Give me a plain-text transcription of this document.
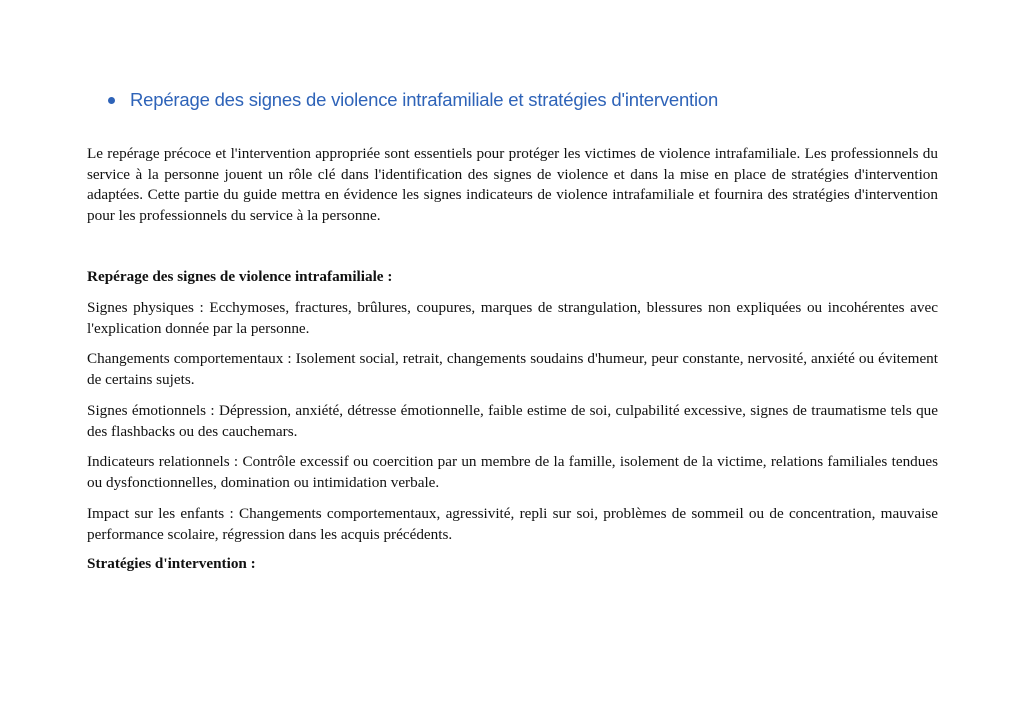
Repérage des signes de violence intrafamiliale et stratégies d'intervention

Le repérage précoce et l'intervention appropriée sont essentiels pour protéger les victimes de violence intrafamiliale. Les professionnels du service à la personne jouent un rôle clé dans l'identification des signes de violence et dans la mise en place de stratégies d'intervention adaptées. Cette partie du guide mettra en évidence les signes indicateurs de violence intrafamiliale et fournira des stratégies d'intervention pour les professionnels du service à la personne.

Repérage des signes de violence intrafamiliale :

Signes physiques : Ecchymoses, fractures, brûlures, coupures, marques de strangulation, blessures non expliquées ou incohérentes avec l'explication donnée par la personne.

Changements comportementaux : Isolement social, retrait, changements soudains d'humeur, peur constante, nervosité, anxiété ou évitement de certains sujets.

Signes émotionnels : Dépression, anxiété, détresse émotionnelle, faible estime de soi, culpabilité excessive, signes de traumatisme tels que des flashbacks ou des cauchemars.

Indicateurs relationnels : Contrôle excessif ou coercition par un membre de la famille, isolement de la victime, relations familiales tendues ou dysfonctionnelles, domination ou intimidation verbale.

Impact sur les enfants : Changements comportementaux, agressivité, repli sur soi, problèmes de sommeil ou de concentration, mauvaise performance scolaire, régression dans les acquis précédents.

Stratégies d'intervention :
